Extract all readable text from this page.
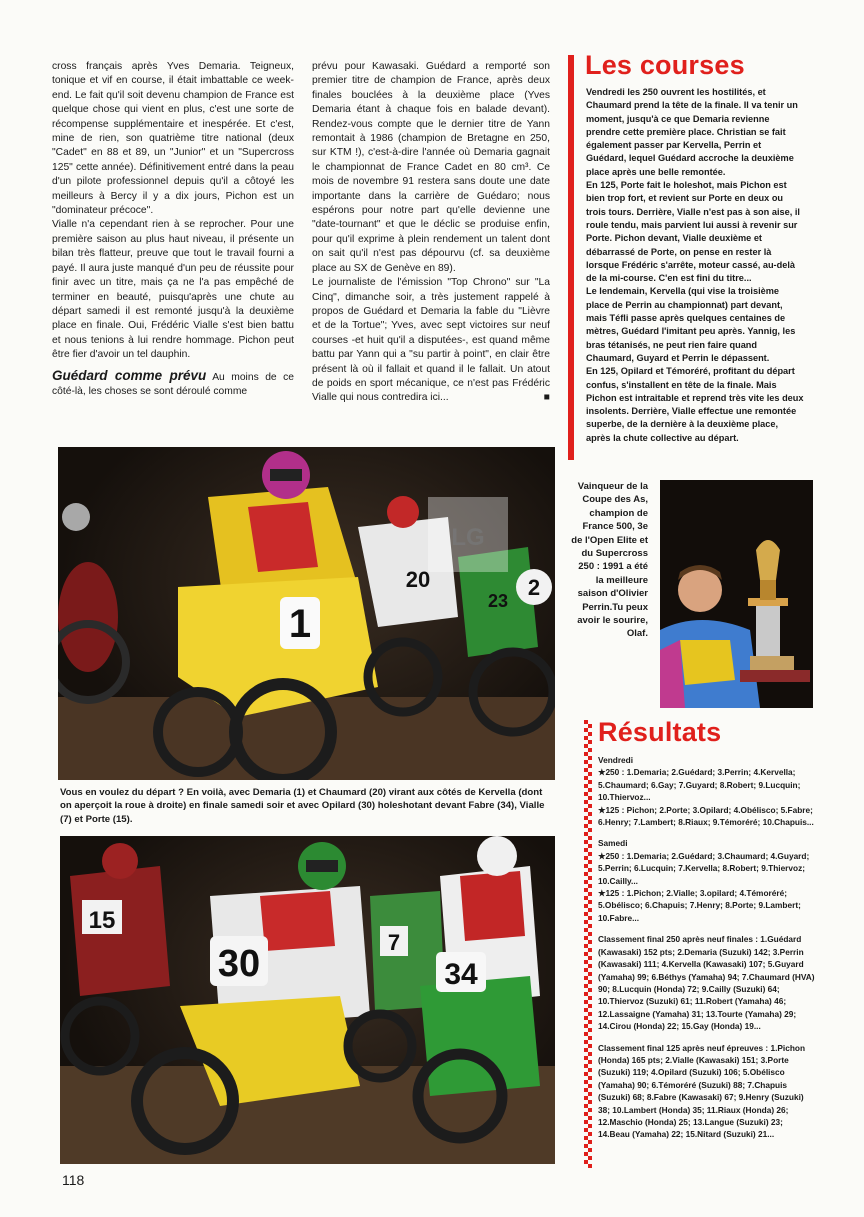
cross français après Yves Demaria. Teigneux, tonique et vif en course, il était imbattable ce week-end. Le fait qu'il soit devenu champion de France est quelque chose qui vient en plus, c'est une sorte de récompense supplémentaire et inespérée. Et c'est, mine de rien, son quatrième titre national (deux "Cadet" en 88 et 89, un "Junior" et un "Supercross 125" cette année). Définitivement entré dans la peau d'un pilote professionnel depuis qu'il a côtoyé les meilleurs à Bercy il y a dix jours, Pichon est un "dominateur précoce".

Vialle n'a cependant rien à se reprocher. Pour une première saison au plus haut niveau, il présente un bilan très flatteur, preuve que tout le travail fourni a payé. Il aura juste manqué d'un peu de réussite pour finir avec un titre, mais ça ne l'a pas empêché de terminer en beauté, puisqu'après une chute au départ samedi il est remonté jusqu'à la deuxième place en finale. Oui, Frédéric Vialle s'est bien battu et nous tenions à lui rendre hommage. Pichon peut être fier d'avoir un tel dauphin.

Guédard comme prévu Au moins de ce côté-là, les choses se sont déroulé comme

prévu pour Kawasaki. Guédard a remporté son premier titre de champion de France, après deux finales bouclées à la deuxième place (Yves Demaria étant à chaque fois en balade devant). Rendez-vous compte que le dernier titre de Yann remontait à 1986 (champion de Bretagne en 250, sur KTM !), c'est-à-dire l'année où Demaria gagnait le championnat de France Cadet en 80 cm³. Ce mois de novembre 91 restera sans doute une date importante dans la carrière de Guédaro; nous espérons pour notre part qu'elle devienne une "date-tournant" et que le déclic se produise enfin, pour qu'il exprime à plein rendement un talent dont on sait qu'il n'est pas dépourvu (cf. sa deuxième place au SX de Genève en 89).

Le journaliste de l'émission "Top Chrono" sur "La Cinq", dimanche soir, a très justement rappelé à propos de Guédard et Demaria la fable du "Lièvre et de la Tortue"; Yves, avec sept victoires sur neuf courses -et huit qu'il a disputées-, est quand même battu par Yann qui a "su partir à point", en clair être présent là où il fallait et quand il le fallait. Un atout de poids en sport mécanique, ce n'est pas Frédéric Vialle qui nous contredira ici...	■

Les courses

Vendredi les 250 ouvrent les hostilités, et Chaumard prend la tête de la finale. Il va tenir un moment, jusqu'à ce que Demaria revienne prendre cette première place. Christian se fait également passer par Kervella, Perrin et Guédard, lequel Guédard accroche la deuxième place après une belle remontée.

En 125, Porte fait le holeshot, mais Pichon est bien trop fort, et revient sur Porte en deux ou trois tours. Derrière, Vialle n'est pas à son aise, il roule tendu, mais parvient lui aussi à revenir sur Porte. Pichon devant, Vialle deuxième et débarrassé de Porte, on pense en rester là lorsque Frédéric s'arrête, moteur cassé, au-delà de la mi-course. C'en est fini du titre...

Le lendemain, Kervella (qui vise la troisième place de Perrin au championnat) part devant, mais Téfli passe après quelques centaines de mètres, Guédard l'imitant peu après. Yannig, les bras tétanisés, ne peut rien faire quand Chaumard, Guyard et Perrin le dépassent.

En 125, Opilard et Témoréré, profitant du départ confus, s'installent en tête de la finale. Mais Pichon est intraitable et reprend très vite les deux insolents. Derrière, Vialle effectue une remontée superbe, de la dernière à la deuxième place, après la chute collective au départ.

1
20
23
2
LG
Vainqueur de la Coupe des As, champion de France 500, 3e de l'Open Elite et du Supercross 250 : 1991 a été la meilleure saison d'Olivier Perrin.Tu peux avoir le sourire, Olaf.
Vous en voulez du départ ? En voilà, avec Demaria (1) et Chaumard (20) virant aux côtés de Kervella (dont on aperçoit la roue à droite) en finale samedi soir et avec Opilard (30) holeshotant devant Fabre (34), Vialle (7) et Porte (15).
15
30
7
34
Résultats

Vendredi

★250 : 1.Demaria; 2.Guédard; 3.Perrin; 4.Kervella; 5.Chaumard; 6.Gay; 7.Guyard; 8.Robert; 9.Lucquin; 10.Thiervoz...

★125 : Pichon; 2.Porte; 3.Opilard; 4.Obélisco; 5.Fabre; 6.Henry; 7.Lambert; 8.Riaux; 9.Témoréré; 10.Chapuis...

Samedi

★250 : 1.Demaria; 2.Guédard; 3.Chaumard; 4.Guyard; 5.Perrin; 6.Lucquin; 7.Kervella; 8.Robert; 9.Thiervoz; 10.Cailly...

★125 : 1.Pichon; 2.Vialle; 3.opilard; 4.Témoréré; 5.Obélisco; 6.Chapuis; 7.Henry; 8.Porte; 9.Lambert; 10.Fabre...

Classement final 250 après neuf finales : 1.Guédard (Kawasaki) 152 pts; 2.Demaria (Suzuki) 142; 3.Perrin (Kawasaki) 111; 4.Kervella (Kawasaki) 107; 5.Guyard (Yamaha) 99; 6.Béthys (Yamaha) 94; 7.Chaumard (HVA) 90; 8.Lucquin (Honda) 72; 9.Cailly (Suzuki) 64; 10.Thiervoz (Suzuki) 61; 11.Robert (Yamaha) 46; 12.Lassaigne (Yamaha) 31; 13.Tourte (Yamaha) 29; 14.Cirou (Honda) 22; 15.Gay (Honda) 19...

Classement final 125 après neuf épreuves : 1.Pichon (Honda) 165 pts; 2.Vialle (Kawasaki) 151; 3.Porte (Suzuki) 119; 4.Opilard (Suzuki) 106; 5.Obélisco (Yamaha) 90; 6.Témoréré (Suzuki) 88; 7.Chapuis (Suzuki) 68; 8.Fabre (Kawasaki) 67; 9.Henry (Suzuki) 38; 10.Lambert (Honda) 35; 11.Riaux (Honda) 26; 12.Maschio (Honda) 25; 13.Langue (Suzuki) 23; 14.Beau (Yamaha) 22; 15.Nitard (Suzuki) 21...

118
